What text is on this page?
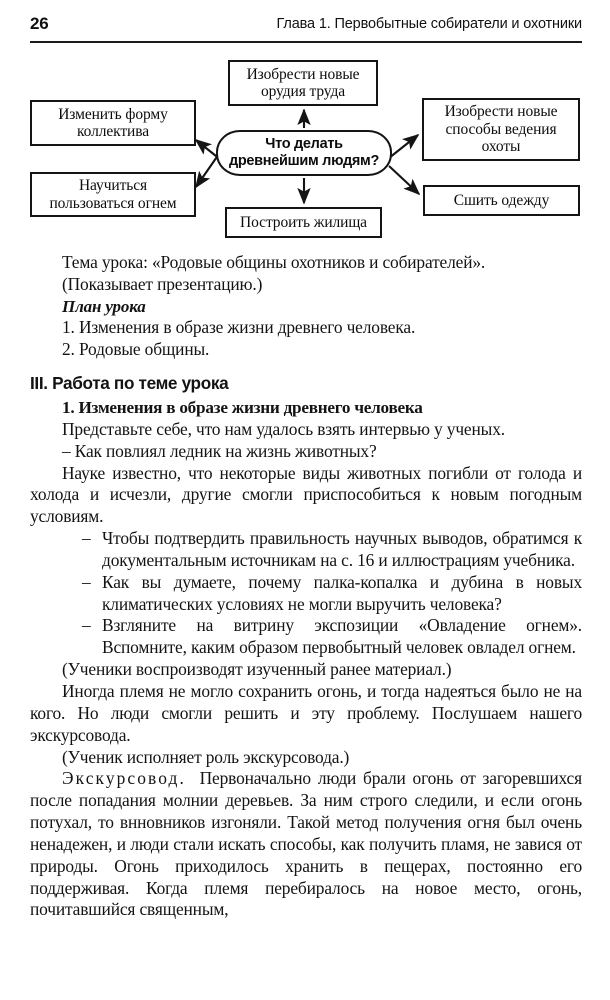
26	Глава 1. Первобытные собиратели и охотники
Изобрести новые орудия труда
Изменить форму коллектива
Изобрести новые способы ведения охоты
Что делать древнейшим людям?
Научиться пользоваться огнем	Сшить одежду
Построить жилища

Тема урока: «Родовые общины охотников и собирателей».

(Показывает презентацию.)

План урока

1. Изменения в образе жизни древнего человека.

2. Родовые общины.

III. Работа по теме урока

1. Изменения в образе жизни древнего человека

Представьте себе, что нам удалось взять интервью у ученых.

– Как повлиял ледник на жизнь животных?

Науке известно, что некоторые виды животных погибли от голода и холода и исчезли, другие смогли приспособиться к новым погодным условиям.

– Чтобы подтвердить правильность научных выводов, обратимся к документальным источникам на с. 16 и иллюстрациям учебника.

– Как вы думаете, почему палка-копалка и дубина в новых климатических условиях не могли выручить человека?

– Взгляните на витрину экспозиции «Овладение огнем». Вспомните, каким образом первобытный человек овладел огнем.

(Ученики воспроизводят изученный ранее материал.)

Иногда племя не могло сохранить огонь, и тогда надеяться было не на кого. Но люди смогли решить и эту проблему. Послушаем нашего экскурсовода.

(Ученик исполняет роль экскурсовода.)

Экскурсовод. Первоначально люди брали огонь от загоревшихся после попадания молнии деревьев. За ним строго следили, и если огонь потухал, то внновников изгоняли. Такой метод получения огня был очень ненадежен, и люди стали искать способы, как получить пламя, не завися от природы. Огонь приходилось хранить в пещерах, постоянно его поддерживая. Когда племя перебиралось на новое место, огонь, почитавшийся священным,
